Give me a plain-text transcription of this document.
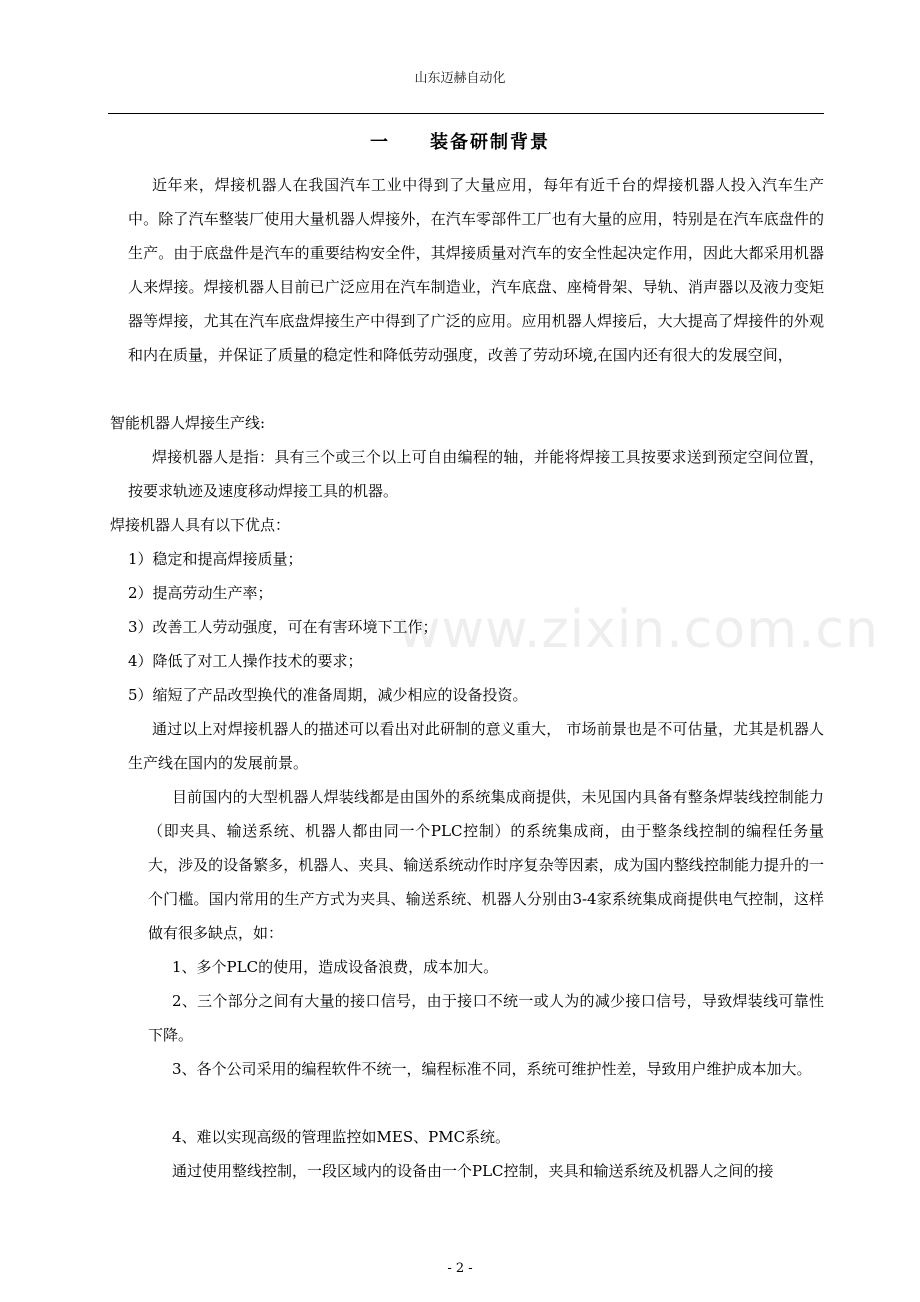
山东迈赫自动化
一 装备研制背景
www.zixin.com.cn
近年来，焊接机器人在我国汽车工业中得到了大量应用，每年有近千台的焊接机器人投入汽车生产中。除了汽车整装厂使用大量机器人焊接外，在汽车零部件工厂也有大量的应用，特别是在汽车底盘件的生产。由于底盘件是汽车的重要结构安全件，其焊接质量对汽车的安全性起决定作用，因此大都采用机器人来焊接。焊接机器人目前已广泛应用在汽车制造业，汽车底盘、座椅骨架、导轨、消声器以及液力变矩器等焊接，尤其在汽车底盘焊接生产中得到了广泛的应用。应用机器人焊接后，大大提高了焊接件的外观和内在质量，并保证了质量的稳定性和降低劳动强度，改善了劳动环境,在国内还有很大的发展空间，
智能机器人焊接生产线:
焊接机器人是指：具有三个或三个以上可自由编程的轴，并能将焊接工具按要求送到预定空间位置，按要求轨迹及速度移动焊接工具的机器。
焊接机器人具有以下优点：
1）稳定和提高焊接质量；
2）提高劳动生产率；
3）改善工人劳动强度，可在有害环境下工作；
4）降低了对工人操作技术的要求；
5）缩短了产品改型换代的准备周期，减少相应的设备投资。
通过以上对焊接机器人的描述可以看出对此研制的意义重大， 市场前景也是不可估量，尤其是机器人生产线在国内的发展前景。
目前国内的大型机器人焊装线都是由国外的系统集成商提供，未见国内具备有整条焊装线控制能力（即夹具、输送系统、机器人都由同一个PLC控制）的系统集成商，由于整条线控制的编程任务量大，涉及的设备繁多，机器人、夹具、输送系统动作时序复杂等因素，成为国内整线控制能力提升的一个门槛。国内常用的生产方式为夹具、输送系统、机器人分别由3-4家系统集成商提供电气控制，这样做有很多缺点，如：
1、多个PLC的使用，造成设备浪费，成本加大。
2、三个部分之间有大量的接口信号，由于接口不统一或人为的减少接口信号，导致焊装线可靠性下降。
3、各个公司采用的编程软件不统一，编程标准不同，系统可维护性差，导致用户维护成本加大。
4、难以实现高级的管理监控如MES、PMC系统。
通过使用整线控制，一段区域内的设备由一个PLC控制，夹具和输送系统及机器人之间的接
- 2 -
